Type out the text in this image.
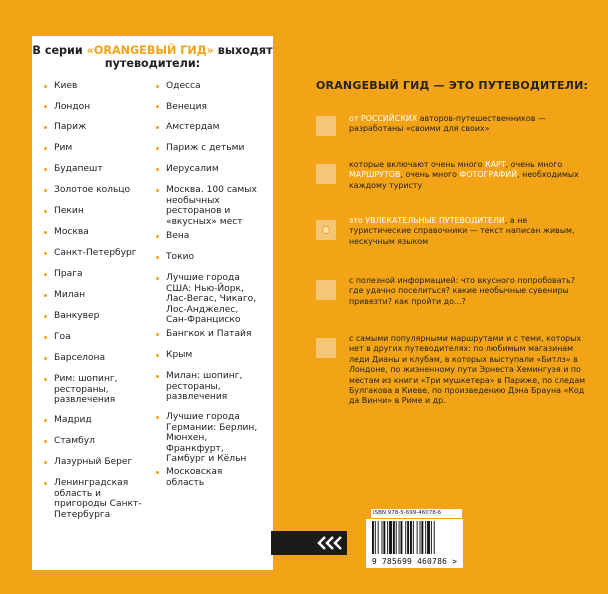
В серии «ORANGEВЫЙ ГИД» выходят
путеводители:
Киев
Лондон
Париж
Рим
Будапешт
Золотое кольцо
Пекин
Москва
Санкт-Петербург
Прага
Милан
Ванкувер
Гоа
Барселона
Рим: шопинг, рестораны, развлечения
Мадрид
Стамбул
Лазурный Берег
Ленинградская область и пригороды Санкт-Петербурга
Одесса
Венеция
Амстердам
Париж с детьми
Иерусалим
Москва. 100 самых необычных ресторанов и «вкусных» мест
Вена
Токио
Лучшие города США: Нью-Йорк, Лас-Вегас, Чикаго, Лос-Анджелес, Сан-Франциско
Бангкок и Патайя
Крым
Милан: шопинг, рестораны, развлечения
Лучшие города Германии: Берлин, Мюнхен, Франкфурт, Гамбург и Кёльн
Московская область
ORANGEВЫЙ ГИД — ЭТО ПУТЕВОДИТЕЛИ:
от РОССИЙСКИХ авторов-путешественников — разработаны «своими для своих»
которые включают очень много КАРТ, очень много МАРШРУТОВ, очень много ФОТОГРАФИЙ, необходимых каждому туристу
это УВЛЕКАТЕЛЬНЫЕ ПУТЕВОДИТЕЛИ, а не туристические справочники — текст написан живым, нескучным языком
с полезной информацией: что вкусного попробовать? где удачно поселиться? какие необычные сувениры привезти? как пройти до...?
с самыми популярными маршрутами и с теми, которых нет в других путеводителях: по любимым магазинам леди Дианы и клубам, в которых выступали «Битлз» в Лондоне, по жизненному пути Эрнеста Хемингуэя и по местам из книги «Три мушкетера» в Париже, по следам Булгакова в Киеве, по произведению Дэна Брауна «Код да Винчи» в Риме и др.
ISBN 978-5-699-46078-6
9 785699 460786 >
